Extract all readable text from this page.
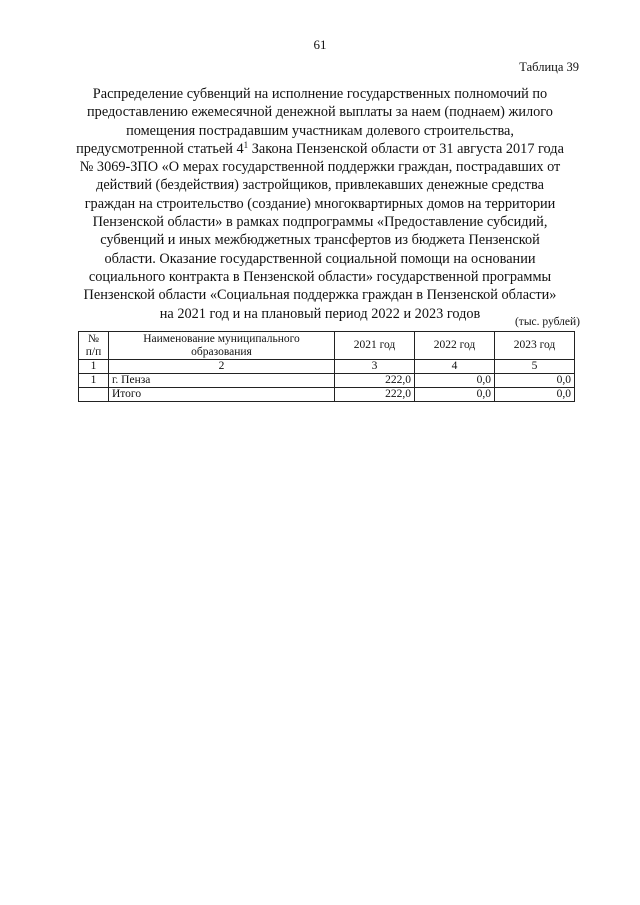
61
Таблица 39
Распределение субвенций на исполнение государственных полномочий по
предоставлению ежемесячной денежной выплаты за наем (поднаем) жилого
помещения пострадавшим участникам долевого строительства,
предусмотренной статьей $4^1$ Закона Пензенской области от 31 августа 2017 года
№ 3069-ЗПО «О мерах государственной поддержки граждан, пострадавших от
действий (бездействия) застройщиков, привлекавших денежные средства
граждан на строительство (создание) многоквартирных домов на территории
Пензенской области» в рамках подпрограммы «Предоставление субсидий,
субвенций и иных межбюджетных трансфертов из бюджета Пензенской
области. Оказание государственной социальной помощи на основании
социального контракта в Пензенской области» государственной программы
Пензенской области «Социальная поддержка граждан в Пензенской области»
на 2021 год и на плановый период 2022 и 2023 годов
(тыс. рублей)
№ п/п	Наименование муниципального образования	2021 год	2022 год	2023 год
1	2	3	4	5
1	г. Пенза	222,0	0,0	0,0
	Итого	222,0	0,0	0,0
